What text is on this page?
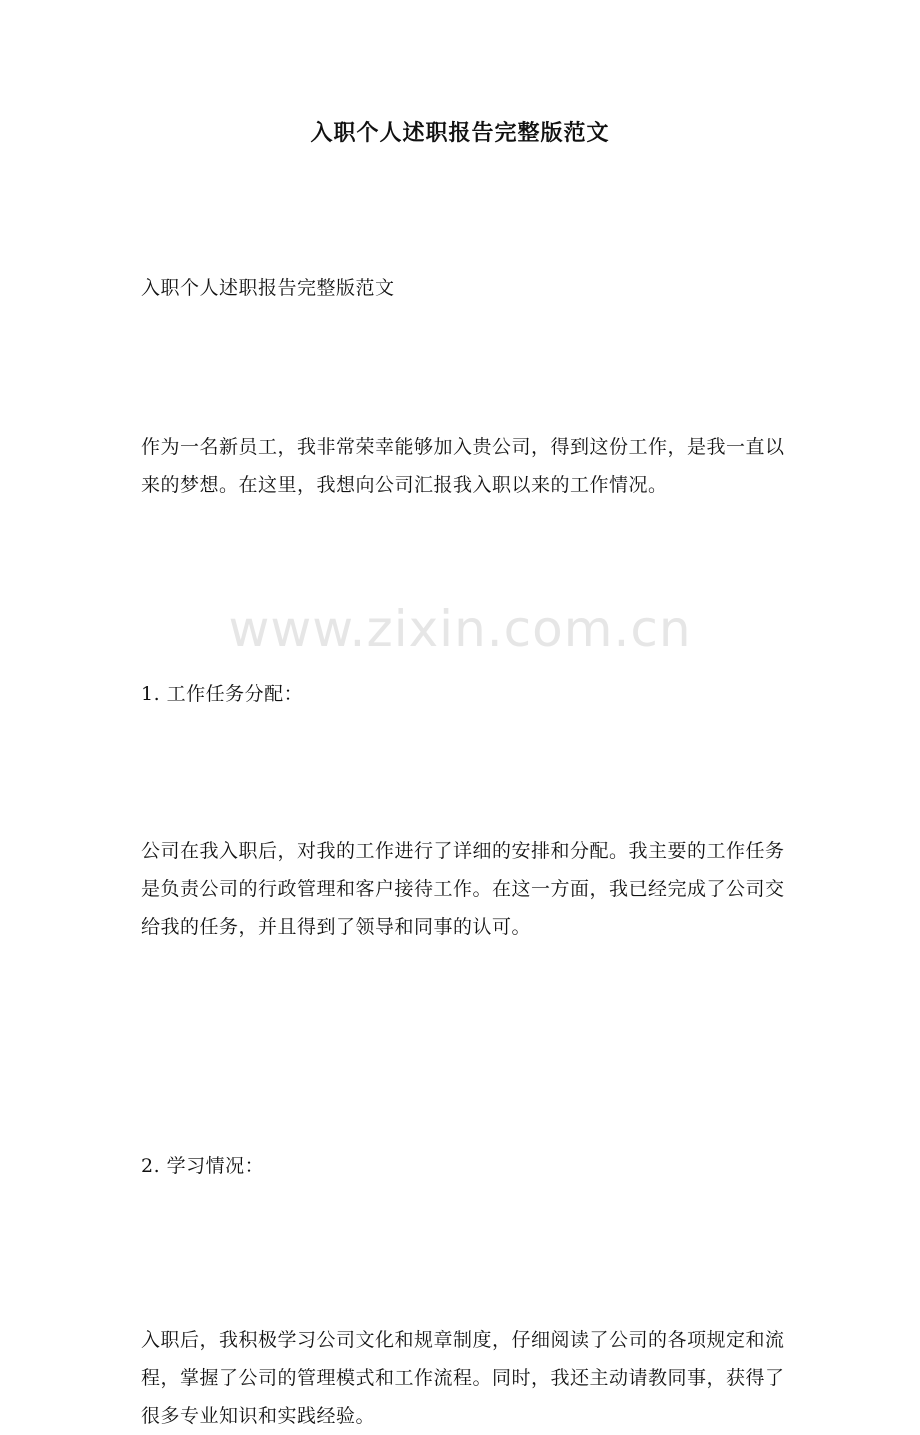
www.zixin.com.cn
入职个人述职报告完整版范文

入职个人述职报告完整版范文

作为一名新员工，我非常荣幸能够加入贵公司，得到这份工作，是我一直以来的梦想。在这里，我想向公司汇报我入职以来的工作情况。

1. 工作任务分配：

公司在我入职后，对我的工作进行了详细的安排和分配。我主要的工作任务是负责公司的行政管理和客户接待工作。在这一方面，我已经完成了公司交给我的任务，并且得到了领导和同事的认可。

2. 学习情况：

入职后，我积极学习公司文化和规章制度，仔细阅读了公司的各项规定和流程，掌握了公司的管理模式和工作流程。同时，我还主动请教同事，获得了很多专业知识和实践经验。
